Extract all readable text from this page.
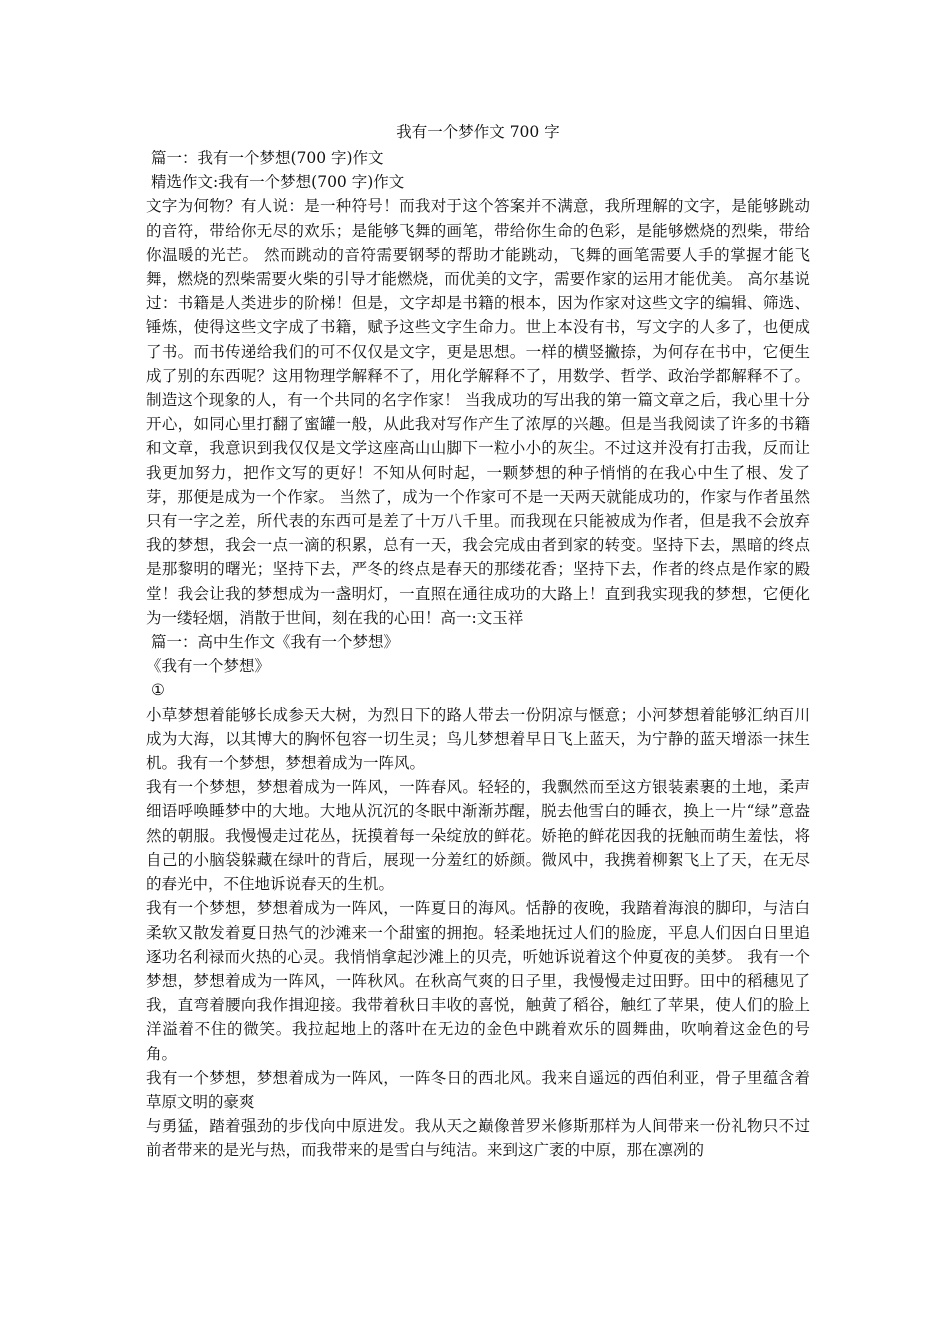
我有一个梦作文 700 字
篇一：我有一个梦想(700 字)作文
精选作文:我有一个梦想(700 字)作文

文字为何物？有人说：是一种符号！而我对于这个答案并不满意，我所理解的文字，是能够跳动的音符，带给你无尽的欢乐；是能够飞舞的画笔，带给你生命的色彩，是能够燃烧的烈柴，带给你温暖的光芒。 然而跳动的音符需要钢琴的帮助才能跳动，飞舞的画笔需要人手的掌握才能飞舞，燃烧的烈柴需要火柴的引导才能燃烧，而优美的文字，需要作家的运用才能优美。 高尔基说过：书籍是人类进步的阶梯！但是，文字却是书籍的根本，因为作家对这些文字的编辑、筛选、锤炼，使得这些文字成了书籍，赋予这些文字生命力。世上本没有书，写文字的人多了，也便成了书。而书传递给我们的可不仅仅是文字，更是思想。一样的横竖撇捺，为何存在书中，它便生成了别的东西呢？这用物理学解释不了，用化学解释不了，用数学、哲学、政治学都解释不了。 制造这个现象的人，有一个共同的名字作家！ 当我成功的写出我的第一篇文章之后，我心里十分开心，如同心里打翻了蜜罐一般，从此我对写作产生了浓厚的兴趣。但是当我阅读了许多的书籍和文章，我意识到我仅仅是文学这座高山山脚下一粒小小的灰尘。不过这并没有打击我，反而让我更加努力，把作文写的更好！不知从何时起，一颗梦想的种子悄悄的在我心中生了根、发了芽，那便是成为一个作家。 当然了，成为一个作家可不是一天两天就能成功的，作家与作者虽然只有一字之差，所代表的东西可是差了十万八千里。而我现在只能被成为作者，但是我不会放弃我的梦想，我会一点一滴的积累，总有一天，我会完成由者到家的转变。坚持下去，黑暗的终点是那黎明的曙光；坚持下去，严冬的终点是春天的那缕花香；坚持下去，作者的终点是作家的殿堂！我会让我的梦想成为一盏明灯，一直照在通往成功的大路上！直到我实现我的梦想，它便化为一缕轻烟，消散于世间，刻在我的心田！高一:文玉祥

篇一：高中生作文《我有一个梦想》
《我有一个梦想》
①

小草梦想着能够长成参天大树，为烈日下的路人带去一份阴凉与惬意；小河梦想着能够汇纳百川成为大海，以其博大的胸怀包容一切生灵；鸟儿梦想着早日飞上蓝天，为宁静的蓝天增添一抹生机。我有一个梦想，梦想着成为一阵风。

我有一个梦想，梦想着成为一阵风，一阵春风。轻轻的，我飘然而至这方银装素裹的土地，柔声细语呼唤睡梦中的大地。大地从沉沉的冬眠中渐渐苏醒，脱去他雪白的睡衣，换上一片“绿”意盎然的朝服。我慢慢走过花丛，抚摸着每一朵绽放的鲜花。娇艳的鲜花因我的抚触而萌生羞怯，将自己的小脑袋躲藏在绿叶的背后，展现一分羞红的娇颜。微风中，我携着柳絮飞上了天，在无尽的春光中，不住地诉说春天的生机。

我有一个梦想，梦想着成为一阵风，一阵夏日的海风。恬静的夜晚，我踏着海浪的脚印，与洁白柔软又散发着夏日热气的沙滩来一个甜蜜的拥抱。轻柔地抚过人们的脸庞，平息人们因白日里追逐功名利禄而火热的心灵。我悄悄拿起沙滩上的贝壳，听她诉说着这个仲夏夜的美梦。 我有一个梦想，梦想着成为一阵风，一阵秋风。在秋高气爽的日子里，我慢慢走过田野。田中的稻穗见了我，直弯着腰向我作揖迎接。我带着秋日丰收的喜悦，触黄了稻谷，触红了苹果，使人们的脸上洋溢着不住的微笑。我拉起地上的落叶在无边的金色中跳着欢乐的圆舞曲，吹响着这金色的号角。

我有一个梦想，梦想着成为一阵风，一阵冬日的西北风。我来自遥远的西伯利亚，骨子里蕴含着草原文明的豪爽

与勇猛，踏着强劲的步伐向中原进发。我从天之巅像普罗米修斯那样为人间带来一份礼物只不过前者带来的是光与热，而我带来的是雪白与纯洁。来到这广袤的中原，那在凛冽的
